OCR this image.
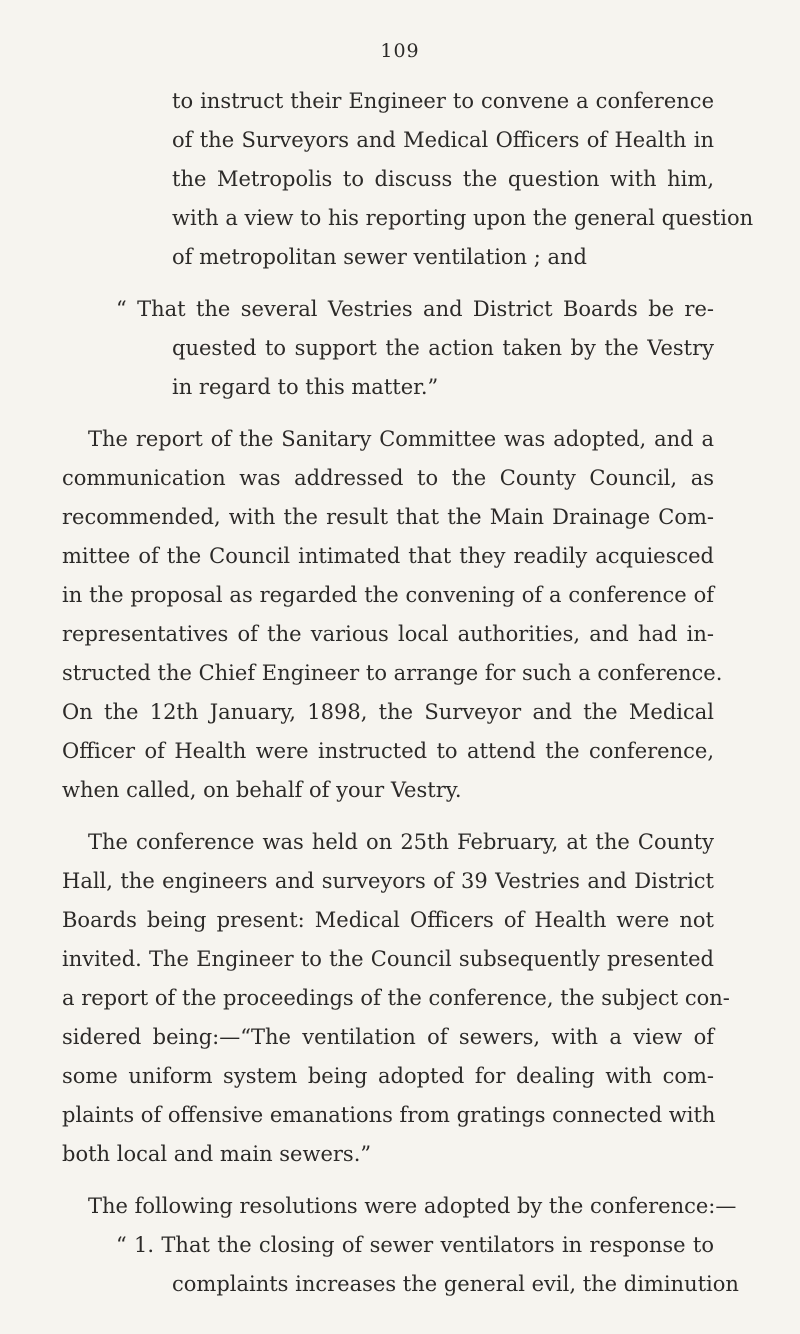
109
to instruct their Engineer to convene a conference
of the Surveyors and Medical Officers of Health in
the Metropolis to discuss the question with him,
with a view to his reporting upon the general question
of metropolitan sewer ventilation ; and
“ That the several Vestries and District Boards be re-
quested to support the action taken by the Vestry
in regard to this matter.”
The report of the Sanitary Committee was adopted, and a
communication was addressed to the County Council, as
recommended, with the result that the Main Drainage Com-
mittee of the Council intimated that they readily acquiesced
in the proposal as regarded the convening of a conference of
representatives of the various local authorities, and had in-
structed the Chief Engineer to arrange for such a conference.
On the 12th January, 1898, the Surveyor and the Medical
Officer of Health were instructed to attend the conference,
when called, on behalf of your Vestry.
The conference was held on 25th February, at the County
Hall, the engineers and surveyors of 39 Vestries and District
Boards being present: Medical Officers of Health were not
invited. The Engineer to the Council subsequently presented
a report of the proceedings of the conference, the subject con-
sidered being:—“The ventilation of sewers, with a view of
some uniform system being adopted for dealing with com-
plaints of offensive emanations from gratings connected with
both local and main sewers.”
The following resolutions were adopted by the conference:—
“ 1. That the closing of sewer ventilators in response to
complaints increases the general evil, the diminution
